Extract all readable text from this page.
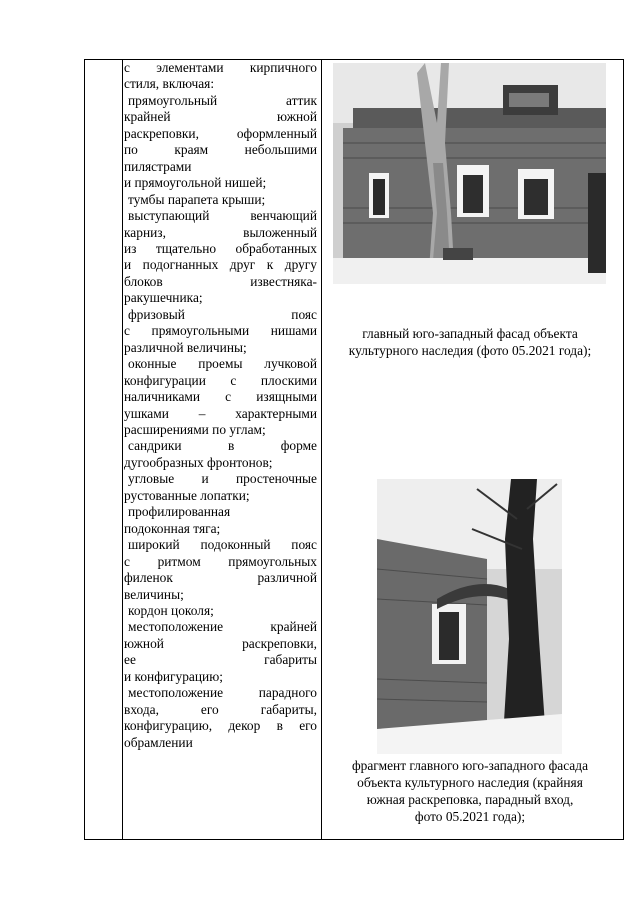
с элементами кирпичного

стиля, включая:

прямоугольный аттик

крайней южной

раскреповки, оформленный

по краям небольшими

пилястрами

и прямоугольной нишей;

тумбы парапета крыши;

выступающий венчающий

карниз, выложенный

из тщательно обработанных

и подогнанных друг к другу

блоков известняка-

ракушечника;

фризовый пояс

с прямоугольными нишами

различной величины;

оконные проемы лучковой

конфигурации с плоскими

наличниками с изящными

ушками – характерными

расширениями по углам;

сандрики в форме

дугообразных фронтонов;

угловые и простеночные

рустованные лопатки;

профилированная

подоконная тяга;

широкий подоконный пояс

с ритмом прямоугольных

филенок различной

величины;

кордон цоколя;

местоположение крайней

южной раскреповки,

ее габариты

и конфигурацию;

местоположение парадного

входа, его габариты,

конфигурацию, декор в его

обрамлении

главный юго-западный фасад объекта
культурного наследия (фото 05.2021 года);
фрагмент главного юго-западного фасада
объекта культурного наследия (крайняя
южная раскреповка, парадный вход,
фото 05.2021 года);
